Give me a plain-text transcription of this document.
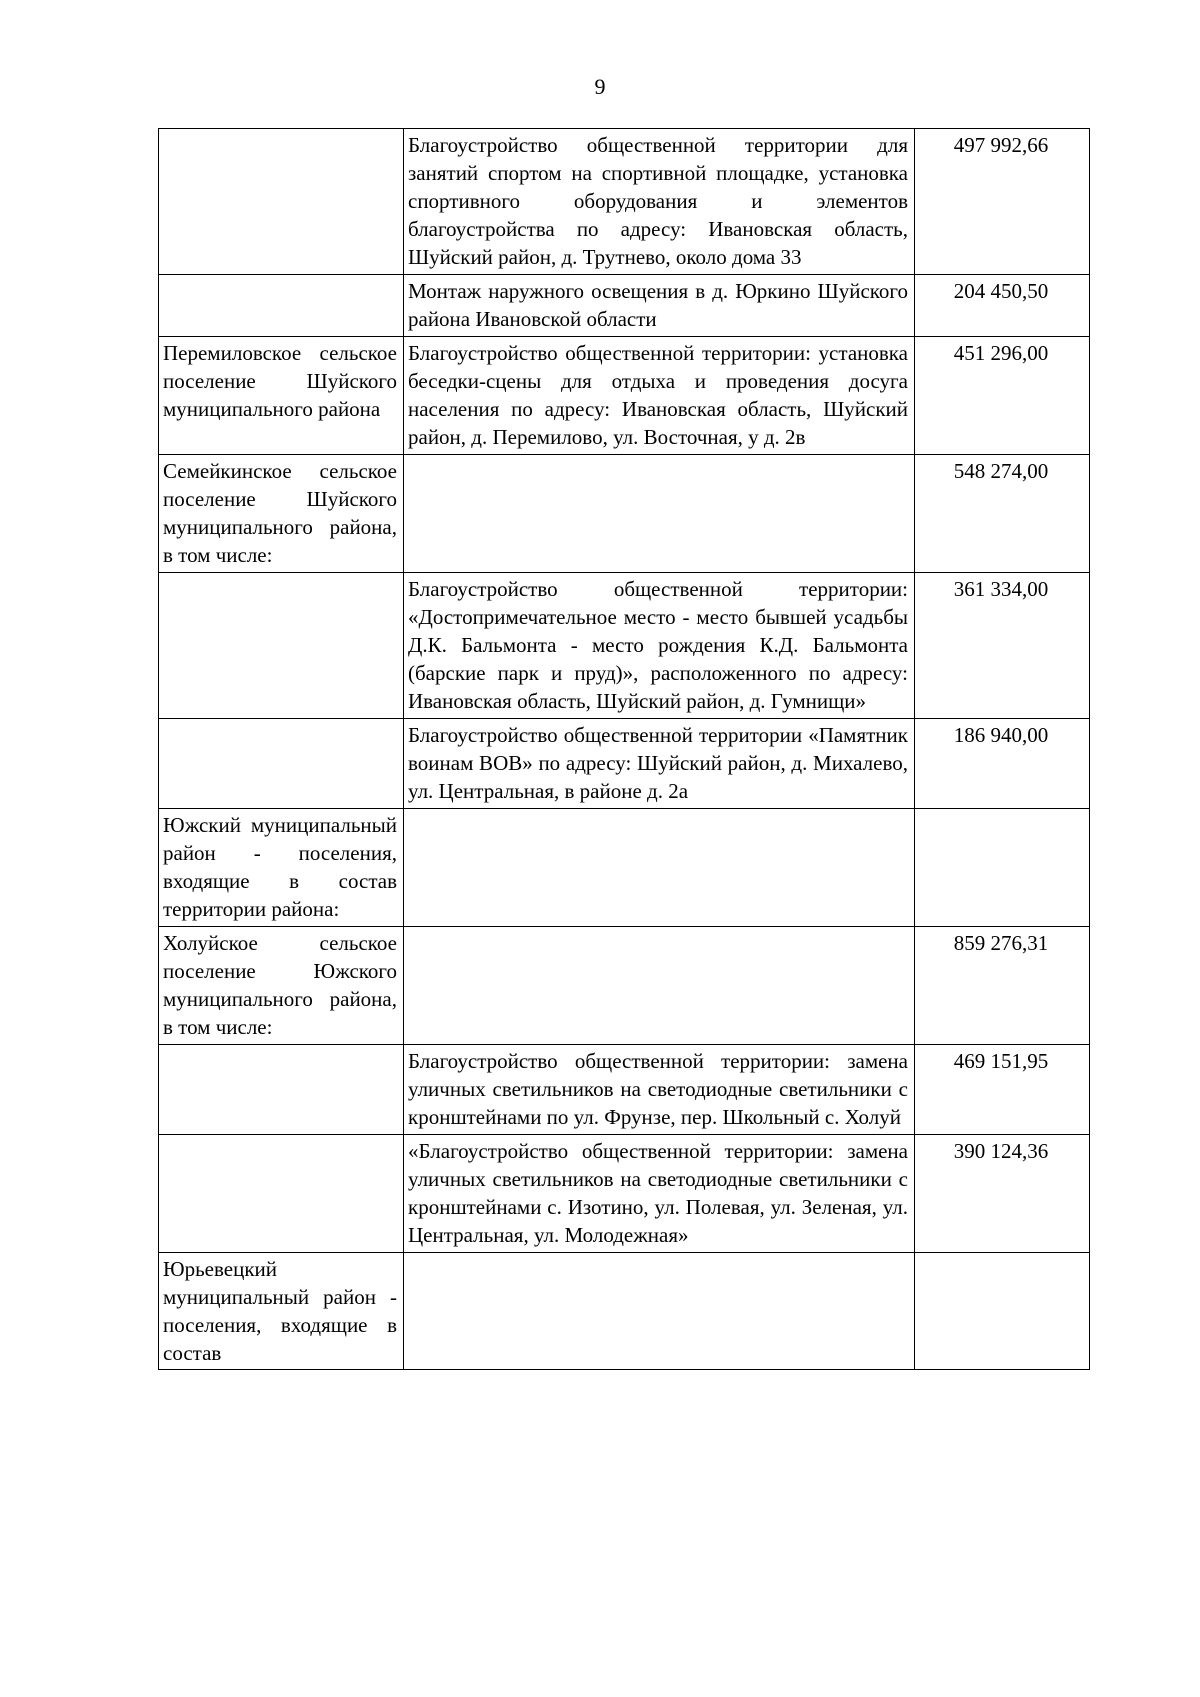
9
	Благоустройство общественной территории для занятий спортом на спортивной площадке, установка спортивного оборудования и элементов благоустройства по адресу: Ивановская область, Шуйский район, д. Трутнево, около дома 33	497 992,66
	Монтаж наружного освещения в д. Юркино Шуйского района Ивановской области	204 450,50
Перемиловское сельское поселение Шуйского муниципального района	Благоустройство общественной территории: установка беседки-сцены для отдыха и проведения досуга населения по адресу: Ивановская область, Шуйский район, д. Перемилово, ул. Восточная, у д. 2в	451 296,00
Семейкинское сельское поселение Шуйского муниципального района, в том числе:		548 274,00
	Благоустройство общественной территории: «Достопримечательное место - место бывшей усадьбы Д.К. Бальмонта - место рождения К.Д. Бальмонта (барские парк и пруд)», расположенного по адресу: Ивановская область, Шуйский район, д. Гумнищи»	361 334,00
	Благоустройство общественной территории «Памятник воинам ВОВ» по адресу: Шуйский район, д. Михалево, ул. Центральная, в районе д. 2а	186 940,00
Южский муниципальный район - поселения, входящие в состав территории района:		
Холуйское сельское поселение Южского муниципального района, в том числе:		859 276,31
	Благоустройство общественной территории: замена уличных светильников на светодиодные светильники с кронштейнами по ул. Фрунзе, пер. Школьный с. Холуй	469 151,95
	«Благоустройство общественной территории: замена уличных светильников на светодиодные светильники с кронштейнами с. Изотино, ул. Полевая, ул. Зеленая, ул. Центральная, ул. Молодежная»	390 124,36

Юрьевецкий муниципальный район - поселения, входящие в состав		
